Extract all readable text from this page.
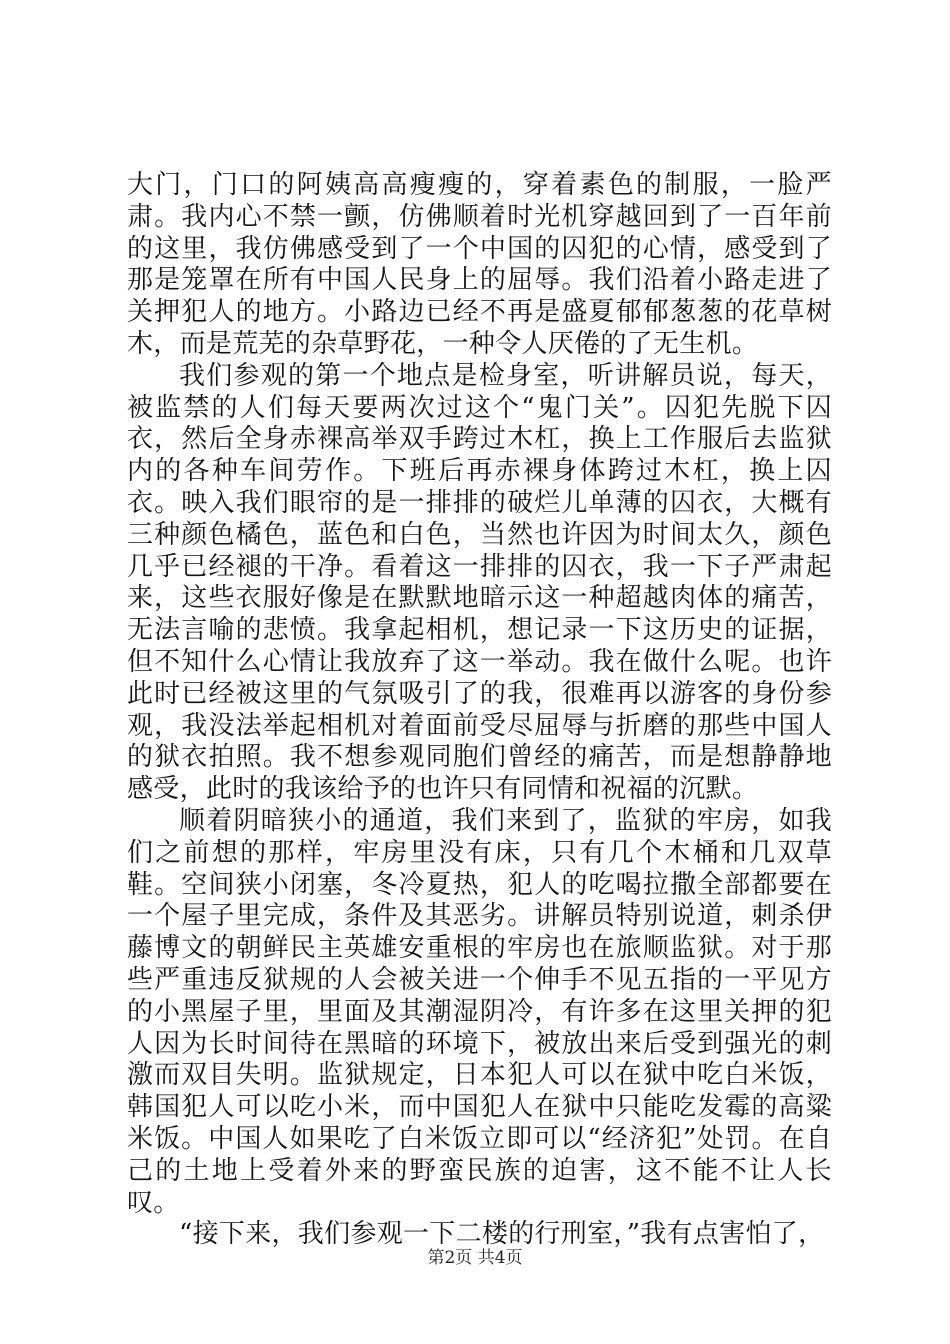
大门，门口的阿姨高高瘦瘦的，穿着素色的制服，一脸严肃。我内心不禁一颤，仿佛顺着时光机穿越回到了一百年前的这里，我仿佛感受到了一个中国的囚犯的心情，感受到了那是笼罩在所有中国人民身上的屈辱。我们沿着小路走进了关押犯人的地方。小路边已经不再是盛夏郁郁葱葱的花草树木，而是荒芜的杂草野花，一种令人厌倦的了无生机。

我们参观的第一个地点是检身室，听讲解员说，每天，被监禁的人们每天要两次过这个“鬼门关”。囚犯先脱下囚衣，然后全身赤裸高举双手跨过木杠，换上工作服后去监狱内的各种车间劳作。下班后再赤裸身体跨过木杠，换上囚衣。映入我们眼帘的是一排排的破烂儿单薄的囚衣，大概有三种颜色橘色，蓝色和白色，当然也许因为时间太久，颜色几乎已经褪的干净。看着这一排排的囚衣，我一下子严肃起来，这些衣服好像是在默默地暗示这一种超越肉体的痛苦，无法言喻的悲愤。我拿起相机，想记录一下这历史的证据，但不知什么心情让我放弃了这一举动。我在做什么呢。也许此时已经被这里的气氛吸引了的我，很难再以游客的身份参观，我没法举起相机对着面前受尽屈辱与折磨的那些中国人的狱衣拍照。我不想参观同胞们曾经的痛苦，而是想静静地感受，此时的我该给予的也许只有同情和祝福的沉默。

顺着阴暗狭小的通道，我们来到了，监狱的牢房，如我们之前想的那样，牢房里没有床，只有几个木桶和几双草鞋。空间狭小闭塞，冬冷夏热，犯人的吃喝拉撒全部都要在一个屋子里完成，条件及其恶劣。讲解员特别说道，刺杀伊藤博文的朝鲜民主英雄安重根的牢房也在旅顺监狱。对于那些严重违反狱规的人会被关进一个伸手不见五指的一平见方的小黑屋子里，里面及其潮湿阴冷，有许多在这里关押的犯人因为长时间待在黑暗的环境下，被放出来后受到强光的刺激而双目失明。监狱规定，日本犯人可以在狱中吃白米饭，韩国犯人可以吃小米，而中国犯人在狱中只能吃发霉的高粱米饭。中国人如果吃了白米饭立即可以“经济犯”处罚。在自己的土地上受着外来的野蛮民族的迫害，这不能不让人长叹。

“接下来，我们参观一下二楼的行刑室，”我有点害怕了，

第2页 共4页
